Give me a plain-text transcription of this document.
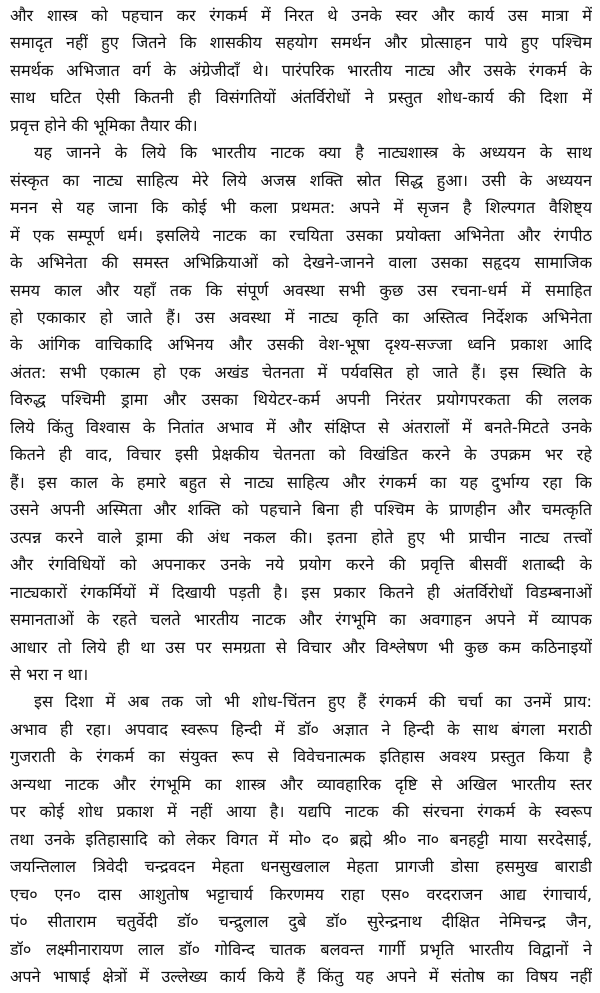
और शास्त्र को पहचान कर रंगकर्म में निरत थे उनके स्वर और कार्य उस मात्रा में
समादृत नहीं हुए जितने कि शासकीय सहयोग समर्थन और प्रोत्साहन पाये हुए पश्चिम
समर्थक अभिजात वर्ग के अंग्रेजीदाँ थे। पारंपरिक भारतीय नाट्य और उसके रंगकर्म के
साथ घटित ऐसी कितनी ही विसंगतियों अंतर्विरोधों ने प्रस्तुत शोध-कार्य की दिशा में
प्रवृत्त होने की भूमिका तैयार की।
यह जानने के लिये कि भारतीय नाटक क्या है नाट्यशास्त्र के अध्ययन के साथ
संस्कृत का नाट्य साहित्य मेरे लिये अजस्र शक्ति स्रोत सिद्ध हुआ। उसी के अध्ययन
मनन से यह जाना कि कोई भी कला प्रथमत: अपने में सृजन है शिल्पगत वैशिष्ट्य
में एक सम्पूर्ण धर्म। इसलिये नाटक का रचयिता उसका प्रयोक्ता अभिनेता और रंगपीठ
के अभिनेता की समस्त अभिक्रियाओं को देखने-जानने वाला उसका सहृदय सामाजिक
समय काल और यहाँ तक कि संपूर्ण अवस्था सभी कुछ उस रचना-धर्म में समाहित
हो एकाकार हो जाते हैं। उस अवस्था में नाट्य कृति का अस्तित्व निर्देशक अभिनेता
के आंगिक वाचिकादि अभिनय और उसकी वेश-भूषा दृश्य-सज्जा ध्वनि प्रकाश आदि
अंतत: सभी एकात्म हो एक अखंड चेतनता में पर्यवसित हो जाते हैं। इस स्थिति के
विरुद्ध पश्चिमी ड्रामा और उसका थियेटर-कर्म अपनी निरंतर प्रयोगपरकता की ललक
लिये किंतु विश्वास के नितांत अभाव में और संक्षिप्त से अंतरालों में बनते-मिटते उनके
कितने ही वाद, विचार इसी प्रेक्षकीय चेतनता को विखंडित करने के उपक्रम भर रहे
हैं। इस काल के हमारे बहुत से नाट्य साहित्य और रंगकर्म का यह दुर्भाग्य रहा कि
उसने अपनी अस्मिता और शक्ति को पहचाने बिना ही पश्चिम के प्राणहीन और चमत्कृति
उत्पन्न करने वाले ड्रामा की अंध नकल की। इतना होते हुए भी प्राचीन नाट्य तत्त्वों
और रंगविधियों को अपनाकर उनके नये प्रयोग करने की प्रवृत्ति बीसवीं शताब्दी के
नाट्यकारों रंगकर्मियों में दिखायी पड़ती है। इस प्रकार कितने ही अंतर्विरोधों विडम्बनाओं
समानताओं के रहते चलते भारतीय नाटक और रंगभूमि का अवगाहन अपने में व्यापक
आधार तो लिये ही था उस पर समग्रता से विचार और विश्लेषण भी कुछ कम कठिनाइयों
से भरा न था।
इस दिशा में अब तक जो भी शोध-चिंतन हुए हैं रंगकर्म की चर्चा का उनमें प्राय:
अभाव ही रहा। अपवाद स्वरूप हिन्दी में डॉ० अज्ञात ने हिन्दी के साथ बंगला मराठी
गुजराती के रंगकर्म का संयुक्त रूप से विवेचनात्मक इतिहास अवश्य प्रस्तुत किया है
अन्यथा नाटक और रंगभूमि का शास्त्र और व्यावहारिक दृष्टि से अखिल भारतीय स्तर
पर कोई शोध प्रकाश में नहीं आया है। यद्यपि नाटक की संरचना रंगकर्म के स्वरूप
तथा उनके इतिहासादि को लेकर विगत में मो० द० ब्रह्मे श्री० ना० बनहट्टी माया सरदेसाई,
जयन्तिलाल त्रिवेदी चन्द्रवदन मेहता धनसुखलाल मेहता प्रागजी डोसा हसमुख बाराडी
एच० एन० दास आशुतोष भट्टाचार्य किरणमय राहा एस० वरदराजन आद्य रंगाचार्य,
पं० सीताराम चतुर्वेदी डॉ० चन्द्रुलाल दुबे डॉ० सुरेन्द्रनाथ दीक्षित नेमिचन्द्र जैन,
डॉ० लक्ष्मीनारायण लाल डॉ० गोविन्द चातक बलवन्त गार्गी प्रभृति भारतीय विद्वानों ने
अपने भाषाई क्षेत्रों में उल्लेख्य कार्य किये हैं किंतु यह अपने में संतोष का विषय नहीं
